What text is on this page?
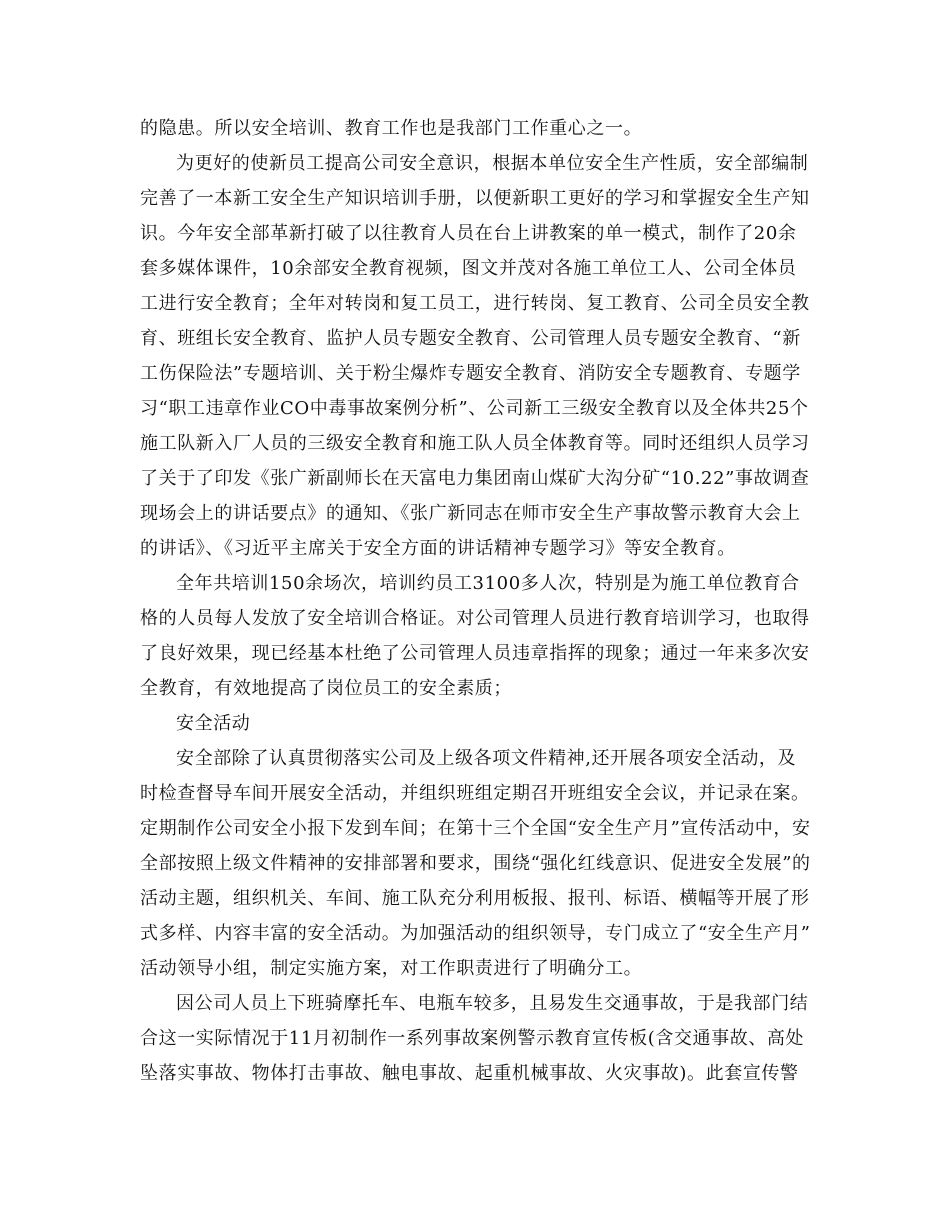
的隐患。所以安全培训、教育工作也是我部门工作重心之一。

为更好的使新员工提高公司安全意识，根据本单位安全生产性质，安全部编制完善了一本新工安全生产知识培训手册，以便新职工更好的学习和掌握安全生产知识。今年安全部革新打破了以往教育人员在台上讲教案的单一模式，制作了20余套多媒体课件，10余部安全教育视频，图文并茂对各施工单位工人、公司全体员工进行安全教育；全年对转岗和复工员工，进行转岗、复工教育、公司全员安全教育、班组长安全教育、监护人员专题安全教育、公司管理人员专题安全教育、“新工伤保险法”专题培训、关于粉尘爆炸专题安全教育、消防安全专题教育、专题学习“职工违章作业CO中毒事故案例分析”、公司新工三级安全教育以及全体共25个施工队新入厂人员的三级安全教育和施工队人员全体教育等。同时还组织人员学习了关于了印发《张广新副师长在天富电力集团南山煤矿大沟分矿“10.22”事故调查现场会上的讲话要点》的通知、《张广新同志在师市安全生产事故警示教育大会上的讲话》、《习近平主席关于安全方面的讲话精神专题学习》等安全教育。

全年共培训150余场次，培训约员工3100多人次，特别是为施工单位教育合格的人员每人发放了安全培训合格证。对公司管理人员进行教育培训学习，也取得了良好效果，现已经基本杜绝了公司管理人员违章指挥的现象；通过一年来多次安全教育，有效地提高了岗位员工的安全素质；

安全活动

安全部除了认真贯彻落实公司及上级各项文件精神,还开展各项安全活动，及时检查督导车间开展安全活动，并组织班组定期召开班组安全会议，并记录在案。定期制作公司安全小报下发到车间；在第十三个全国“安全生产月”宣传活动中，安全部按照上级文件精神的安排部署和要求，围绕“强化红线意识、促进安全发展”的活动主题，组织机关、车间、施工队充分利用板报、报刊、标语、横幅等开展了形式多样、内容丰富的安全活动。为加强活动的组织领导，专门成立了“安全生产月”活动领导小组，制定实施方案，对工作职责进行了明确分工。

因公司人员上下班骑摩托车、电瓶车较多，且易发生交通事故，于是我部门结合这一实际情况于11月初制作一系列事故案例警示教育宣传板(含交通事故、高处坠落实事故、物体打击事故、触电事故、起重机械事故、火灾事故)。此套宣传警
